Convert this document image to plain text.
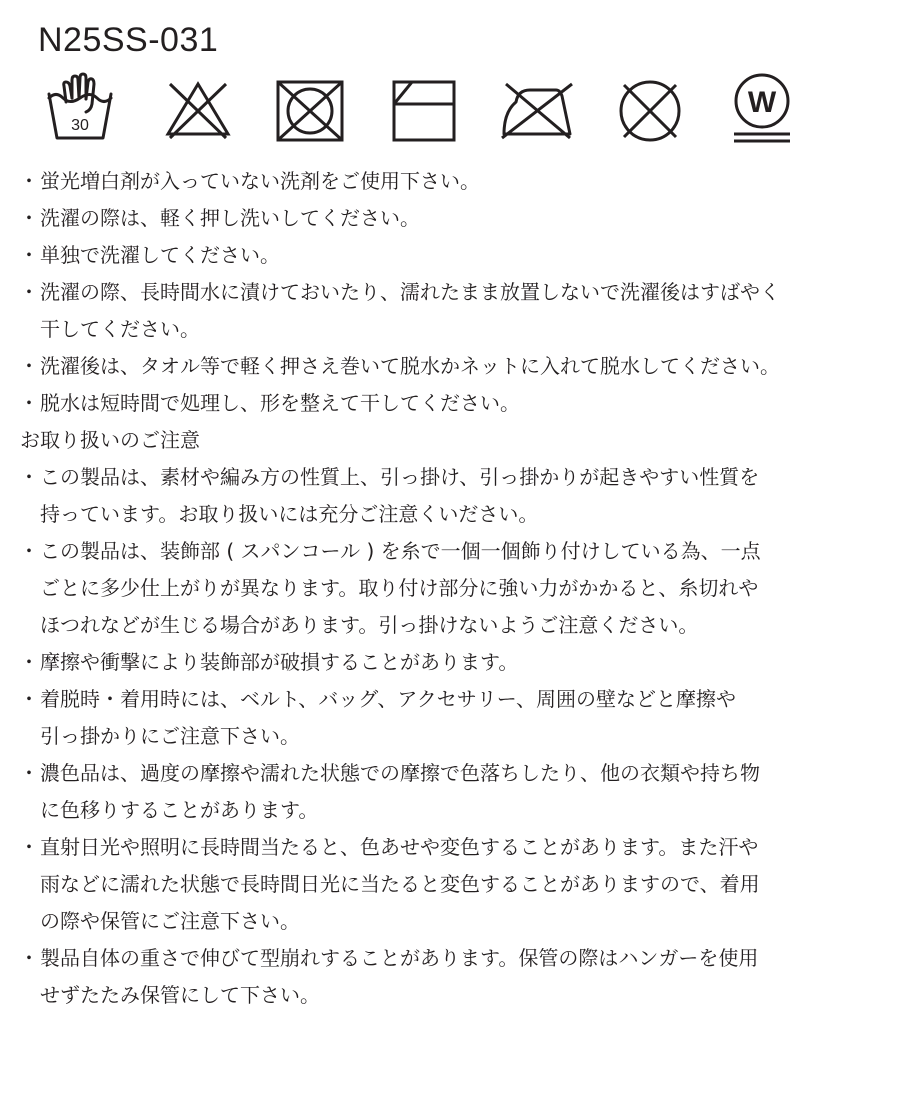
N25SS-031
30
W
・蛍光増白剤が入っていない洗剤をご使用下さい。
・洗濯の際は、軽く押し洗いしてください。
・単独で洗濯してください。
・洗濯の際、長時間水に漬けておいたり、濡れたまま放置しないで洗濯後はすばやく
干してください。
・洗濯後は、タオル等で軽く押さえ巻いて脱水かネットに入れて脱水してください。
・脱水は短時間で処理し、形を整えて干してください。
お取り扱いのご注意
・この製品は、素材や編み方の性質上、引っ掛け、引っ掛かりが起きやすい性質を
持っています。お取り扱いには充分ご注意くいださい。
・この製品は、装飾部 ( スパンコール ) を糸で一個一個飾り付けしている為、一点
ごとに多少仕上がりが異なります。取り付け部分に強い力がかかると、糸切れや
ほつれなどが生じる場合があります。引っ掛けないようご注意ください。
・摩擦や衝撃により装飾部が破損することがあります。
・着脱時・着用時には、ベルト、バッグ、アクセサリー、周囲の壁などと摩擦や
引っ掛かりにご注意下さい。
・濃色品は、過度の摩擦や濡れた状態での摩擦で色落ちしたり、他の衣類や持ち物
に色移りすることがあります。
・直射日光や照明に長時間当たると、色あせや変色することがあります。また汗や
雨などに濡れた状態で長時間日光に当たると変色することがありますので、着用
の際や保管にご注意下さい。
・製品自体の重さで伸びて型崩れすることがあります。保管の際はハンガーを使用
せずたたみ保管にして下さい。
